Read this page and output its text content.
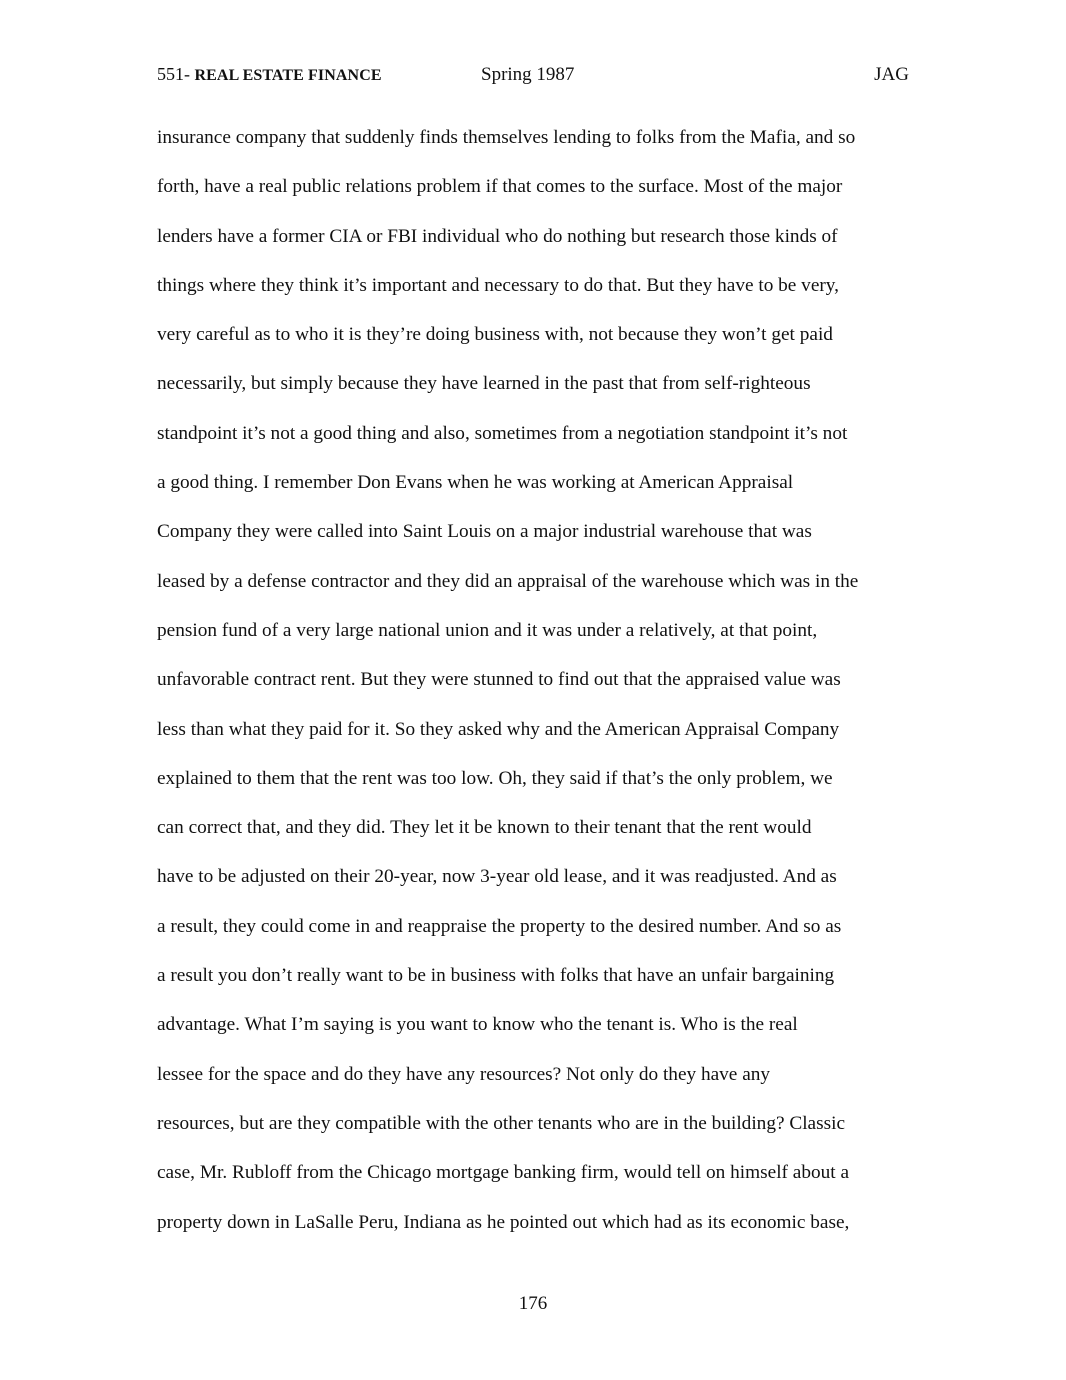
551- REAL ESTATE FINANCE	Spring 1987	JAG
insurance company that suddenly finds themselves lending to folks from the Mafia, and so
forth, have a real public relations problem if that comes to the surface. Most of the major
lenders have a former CIA or FBI individual who do nothing but research those kinds of
things where they think it’s important and necessary to do that. But they have to be very,
very careful as to who it is they’re doing business with, not because they won’t get paid
necessarily, but simply because they have learned in the past that from self-righteous
standpoint it’s not a good thing and also, sometimes from a negotiation standpoint it’s not
a good thing. I remember Don Evans when he was working at American Appraisal
Company they were called into Saint Louis on a major industrial warehouse that was
leased by a defense contractor and they did an appraisal of the warehouse which was in the
pension fund of a very large national union and it was under a relatively, at that point,
unfavorable contract rent. But they were stunned to find out that the appraised value was
less than what they paid for it. So they asked why and the American Appraisal Company
explained to them that the rent was too low. Oh, they said if that’s the only problem, we
can correct that, and they did. They let it be known to their tenant that the rent would
have to be adjusted on their 20-year, now 3-year old lease, and it was readjusted. And as
a result, they could come in and reappraise the property to the desired number. And so as
a result you don’t really want to be in business with folks that have an unfair bargaining
advantage. What I’m saying is you want to know who the tenant is. Who is the real
lessee for the space and do they have any resources? Not only do they have any
resources, but are they compatible with the other tenants who are in the building? Classic
case, Mr. Rubloff from the Chicago mortgage banking firm, would tell on himself about a
property down in LaSalle Peru, Indiana as he pointed out which had as its economic base,
176
